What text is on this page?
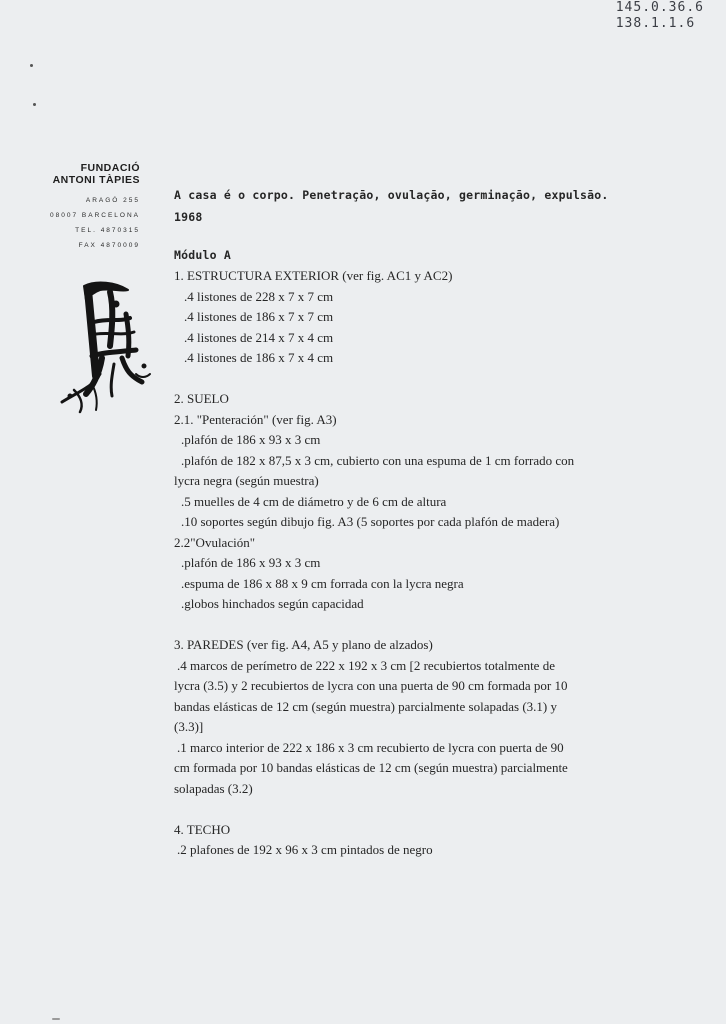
145.0.36.6
138.1.1.6
FUNDACIÓ
ANTONI TÀPIES
ARAGÓ 255
08007 BARCELONA
TEL. 4870315
FAX 4870009
A casa é o corpo. Penetraçāo, ovulaçāo, germinaçāo, expulsāo.
1968
Módulo A
1. ESTRUCTURA EXTERIOR (ver fig. AC1 y AC2)
.4 listones de 228 x 7 x 7 cm
.4 listones de 186 x 7 x 7 cm
.4 listones de 214 x 7 x 4 cm
.4 listones de 186 x 7 x 4 cm
2. SUELO
2.1. "Penteración" (ver fig. A3)
.plafón de 186 x 93 x 3 cm
.plafón de 182 x 87,5 x 3 cm, cubierto con una espuma de 1 cm forrado con
lycra negra (según muestra)
.5 muelles de 4 cm de diámetro y de 6 cm de altura
.10 soportes según dibujo fig. A3 (5 soportes por cada plafón de madera)
2.2"Ovulación"
.plafón de 186 x 93 x 3 cm
.espuma de 186 x 88 x 9 cm forrada con la lycra negra
.globos hinchados según capacidad
3. PAREDES (ver fig. A4, A5 y plano de alzados)
.4 marcos de perímetro de 222 x 192 x 3 cm [2 recubiertos totalmente de
lycra (3.5) y 2 recubiertos de lycra con una puerta de 90 cm formada por 10
bandas elásticas de 12 cm (según muestra) parcialmente solapadas (3.1) y
(3.3)]
.1 marco interior de 222 x 186 x 3 cm recubierto de lycra con puerta de 90
cm formada por 10 bandas elásticas de 12 cm (según muestra) parcialmente
solapadas (3.2)
4. TECHO
.2 plafones de 192 x 96 x 3 cm pintados de negro
